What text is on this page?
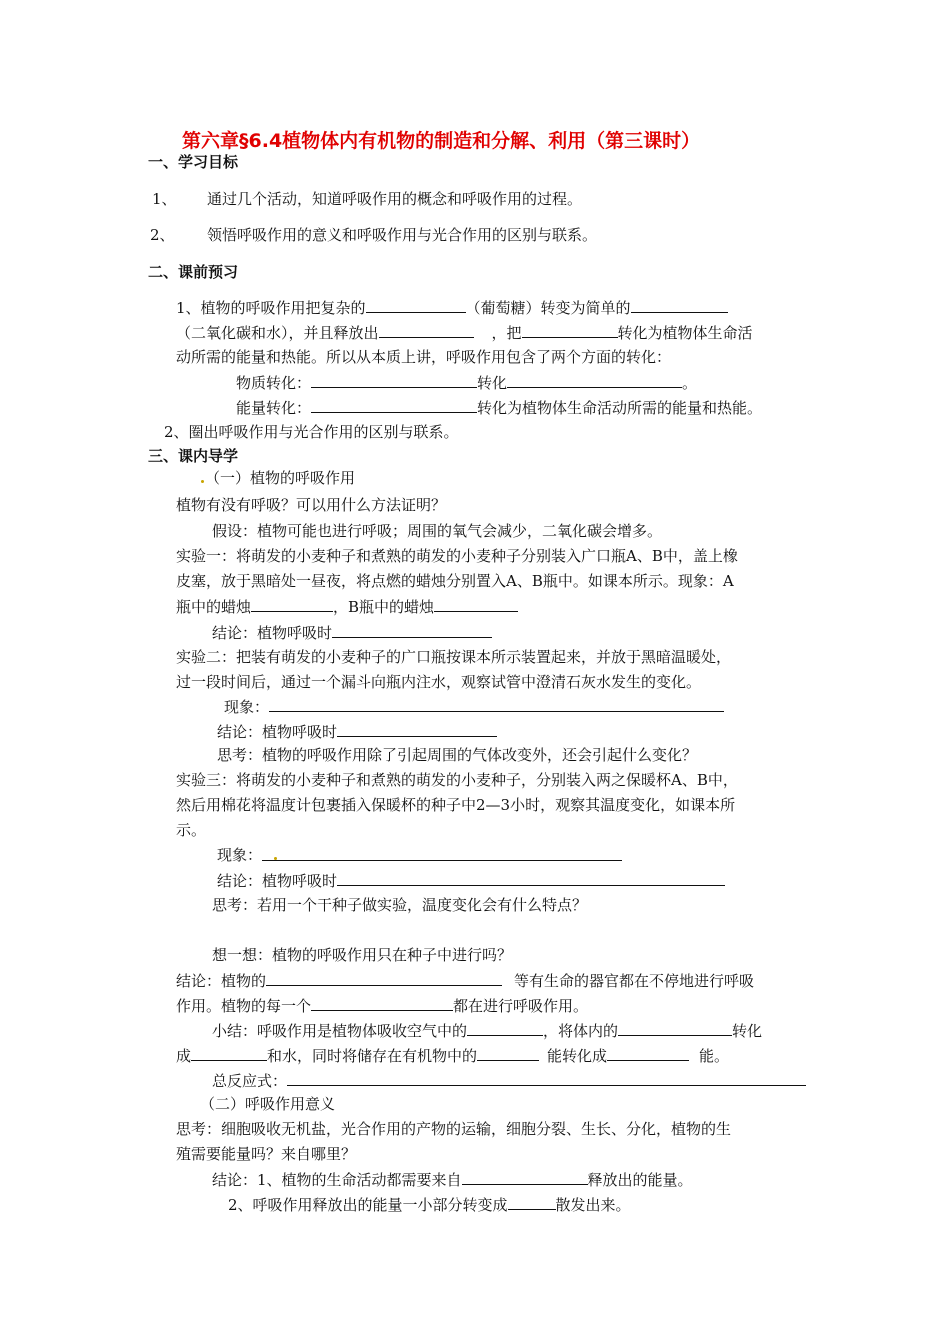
第六章§6.4植物体内有机物的制造和分解、利用（第三课时）
一、学习目标
1、 通过几个活动，知道呼吸作用的概念和呼吸作用的过程。
2、 领悟呼吸作用的意义和呼吸作用与光合作用的区别与联系。
二、课前预习
1、植物的呼吸作用把复杂的	（葡萄糖）转变为简单的
（二氧化碳和水），并且释放出	，把	转化为植物体生命活
动所需的能量和热能。所以从本质上讲，呼吸作用包含了两个方面的转化：
物质转化：	转化	。
能量转化：	转化为植物体生命活动所需的能量和热能。
2、圈出呼吸作用与光合作用的区别与联系。
三、课内导学
（一）植物的呼吸作用
植物有没有呼吸？可以用什么方法证明？
假设：植物可能也进行呼吸；周围的氧气会减少，二氧化碳会增多。
实验一：将萌发的小麦种子和煮熟的萌发的小麦种子分别装入广口瓶A、B中，盖上橡
皮塞，放于黑暗处一昼夜，将点燃的蜡烛分别置入A、B瓶中。如课本所示。现象：A
瓶中的蜡烛	，B瓶中的蜡烛
结论：植物呼吸时
实验二：把装有萌发的小麦种子的广口瓶按课本所示装置起来，并放于黑暗温暖处，
过一段时间后，通过一个漏斗向瓶内注水，观察试管中澄清石灰水发生的变化。
现象：
结论：植物呼吸时
思考：植物的呼吸作用除了引起周围的气体改变外，还会引起什么变化？
实验三：将萌发的小麦种子和煮熟的萌发的小麦种子，分别装入两之保暖杯A、B中，
然后用棉花将温度计包裹插入保暖杯的种子中2—3小时，观察其温度变化，如课本所
示。
现象：
结论：植物呼吸时
思考：若用一个干种子做实验，温度变化会有什么特点？
想一想：植物的呼吸作用只在种子中进行吗？
结论：植物的	等有生命的器官都在不停地进行呼吸
作用。植物的每一个	都在进行呼吸作用。
小结：呼吸作用是植物体吸收空气中的	，将体内的	转化
成	和水，同时将储存在有机物中的	能转化成	能。
总反应式：
（二）呼吸作用意义
思考：细胞吸收无机盐，光合作用的产物的运输，细胞分裂、生长、分化，植物的生
殖需要能量吗？来自哪里？
结论：1、植物的生命活动都需要来自	释放出的能量。
2、呼吸作用释放出的能量一小部分转变成	散发出来。
